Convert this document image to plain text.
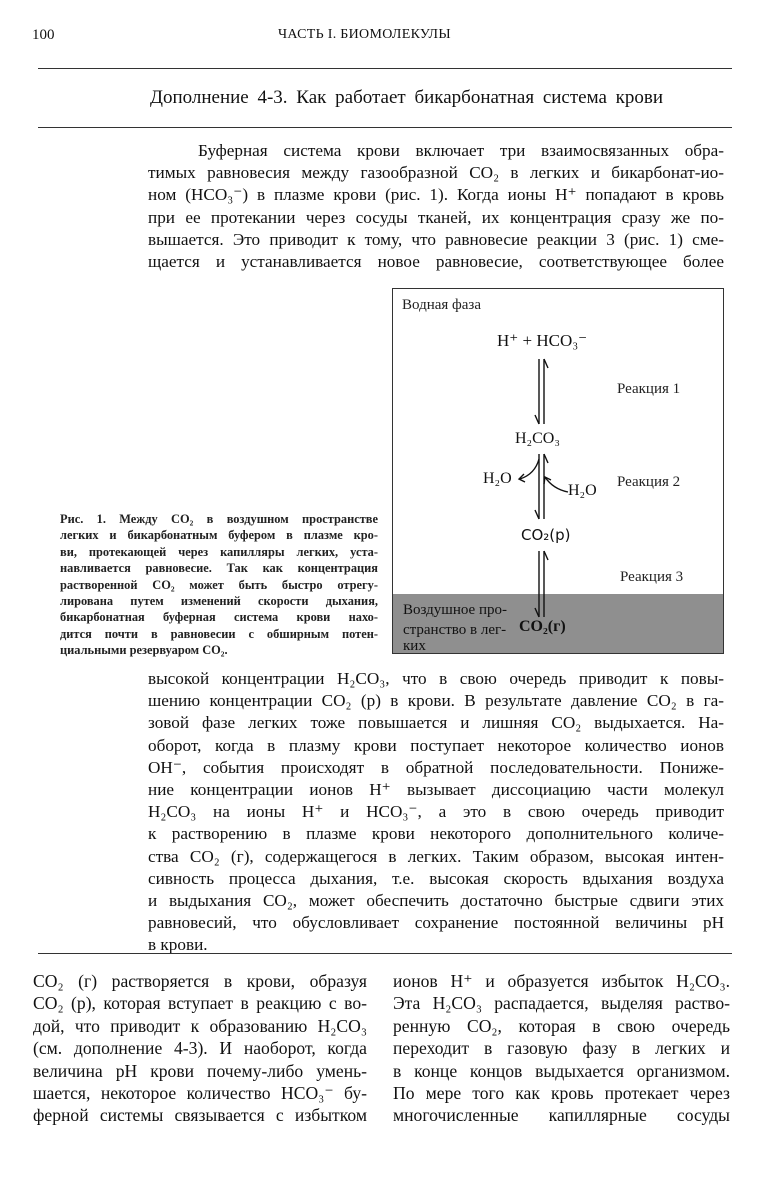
100	ЧАСТЬ I. БИОМОЛЕКУЛЫ
Дополнение 4-3. Как работает бикарбонатная система крови
Буферная система крови включает три взаимосвязанных обра-
тимых равновесия между газообразной CO₂ в легких и бикарбонат-ио-
ном (HCO₃⁻) в плазме крови (рис. 1). Когда ионы H⁺ попадают в кровь
при ее протекании через сосуды тканей, их концентрация сразу же по-
вышается. Это приводит к тому, что равновесие реакции 3 (рис. 1) сме-
щается и устанавливается новое равновесие, соответствующее более
Рис. 1. Между CO₂ в воздушном пространстве
легких и бикарбонатным буфером в плазме кро-
ви, протекающей через капилляры легких, уста-
навливается равновесие. Так как концентрация
растворенной CO₂ может быть быстро отрегу-
лирована путем изменений скорости дыхания,
бикарбонатная буферная система крови нахо-
дится почти в равновесии с обширным потен-
циальными резервуаром CO₂.
Водная фаза
H⁺ + HCO₃⁻
Реакция 1
H₂CO₃
H₂O
H₂O Реакция 2
CO₂(р)
Реакция 3
Воздушное про-
странство в лег-
ких
CO₂(г)
высокой концентрации H₂CO₃, что в свою очередь приводит к повы-
шению концентрации CO₂ (р) в крови. В результате давление CO₂ в га-
зовой фазе легких тоже повышается и лишняя CO₂ выдыхается. На-
оборот, когда в плазму крови поступает некоторое количество ионов
OH⁻, события происходят в обратной последовательности. Пониже-
ние концентрации ионов H⁺ вызывает диссоциацию части молекул
H₂CO₃ на ионы H⁺ и HCO₃⁻, а это в свою очередь приводит
к растворению в плазме крови некоторого дополнительного количе-
ства CO₂ (г), содержащегося в легких. Таким образом, высокая интен-
сивность процесса дыхания, т.е. высокая скорость вдыхания воздуха
и выдыхания CO₂, может обеспечить достаточно быстрые сдвиги этих
равновесий, что обусловливает сохранение постоянной величины pH
в крови.
CO₂ (г) растворяется в крови, образуя
CO₂ (р), которая вступает в реакцию с во-
дой, что приводит к образованию H₂CO₃
(см. дополнение 4-3). И наоборот, когда
величина pH крови почему-либо умень-
шается, некоторое количество HCO₃⁻ бу-
ферной системы связывается с избытком
ионов H⁺ и образуется избыток H₂CO₃.
Эта H₂CO₃ распадается, выделяя раство-
ренную CO₂, которая в свою очередь
переходит в газовую фазу в легких и
в конце концов выдыхается организмом.
По мере того как кровь протекает через
многочисленные капиллярные сосуды
